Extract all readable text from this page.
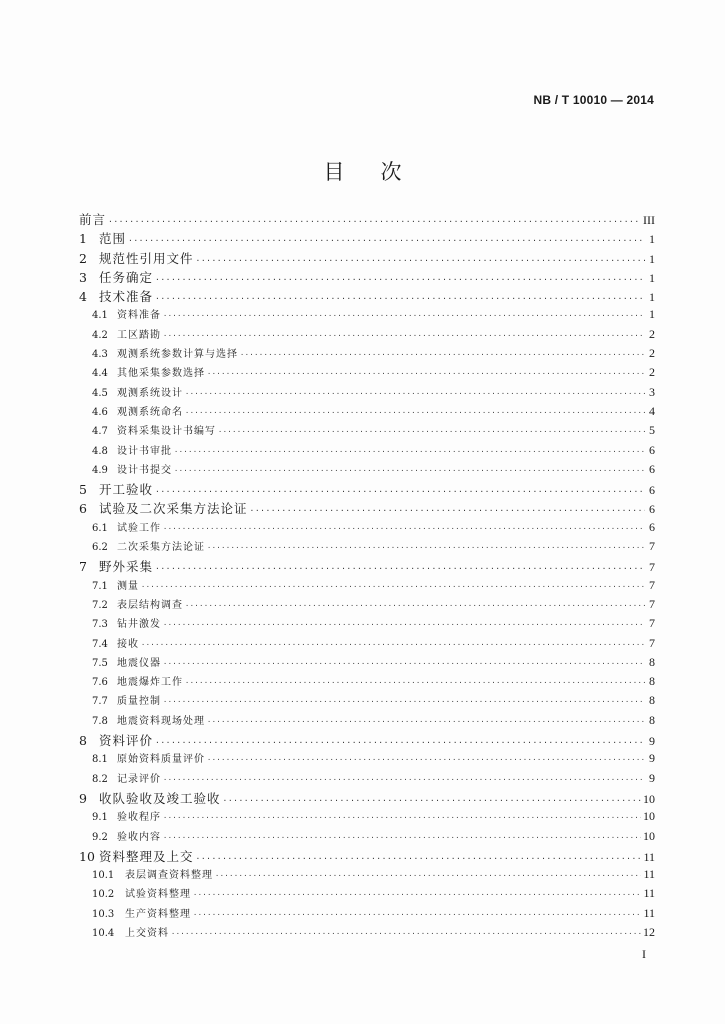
NB / T 10010 — 2014
目次
前言 ·····	III
1 范围 ·····	1
2 规范性引用文件 ·····	1
3 任务确定 ·····	1
4 技术准备 ·····	1
4.1 资料准备 ·····	1
4.2 工区踏勘 ·····	2
4.3 观测系统参数计算与选择 ·····	2
4.4 其他采集参数选择 ·····	2
4.5 观测系统设计 ·····	3
4.6 观测系统命名 ·····	4
4.7 资料采集设计书编写 ·····	5
4.8 设计书审批 ·····	6
4.9 设计书提交 ·····	6
5 开工验收 ·····	6
6 试验及二次采集方法论证 ·····	6
6.1 试验工作 ·····	6
6.2 二次采集方法论证 ·····	7
7 野外采集 ·····	7
7.1 测量 ·····	7
7.2 表层结构调查 ·····	7
7.3 钻井激发 ·····	7
7.4 接收 ·····	7
7.5 地震仪器 ·····	8
7.6 地震爆炸工作 ·····	8
7.7 质量控制 ·····	8
7.8 地震资料现场处理 ·····	8
8 资料评价 ·····	9
8.1 原始资料质量评价 ·····	9
8.2 记录评价 ·····	9
9 收队验收及竣工验收 ·····	10
9.1 验收程序 ·····	10
9.2 验收内容 ·····	10
10 资料整理及上交 ·····	11
10.1	表层调查资料整理 ·····	11
10.2	试验资料整理 ·····	11
10.3	生产资料整理 ·····	11
10.4	上交资料 ·····	12
I
